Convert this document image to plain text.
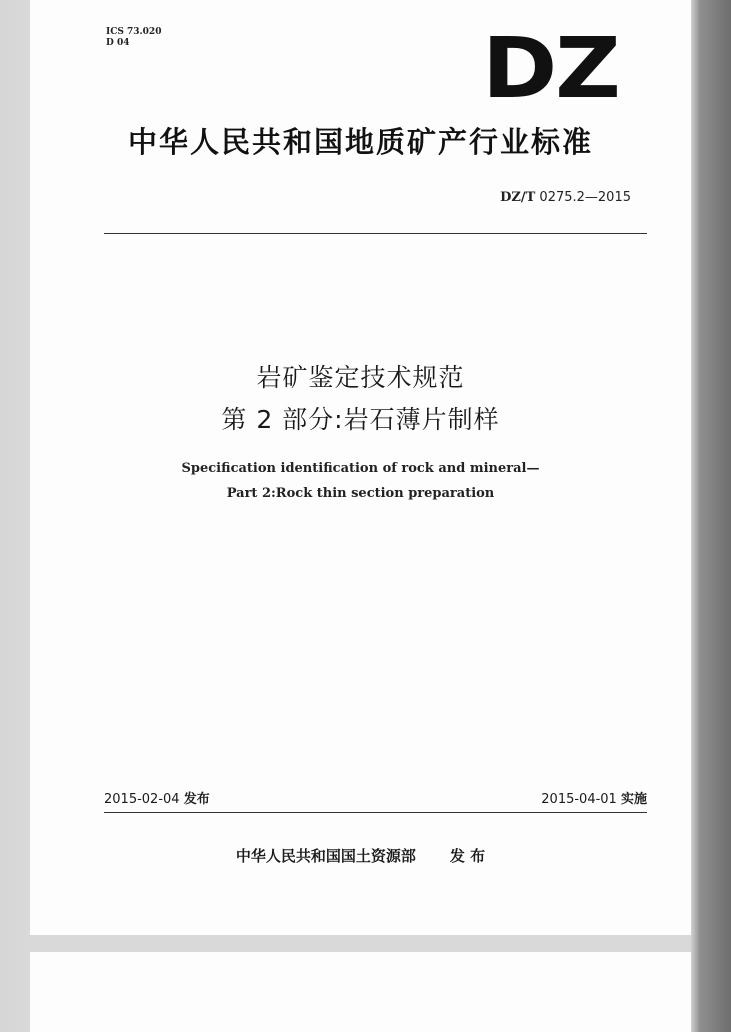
ICS 73.020
D 04	DZ
中华人民共和国地质矿产行业标准
DZ/T 0275.2—2015
岩矿鉴定技术规范
第 2 部分:岩石薄片制样
Specification identification of rock and mineral—
Part 2:Rock thin section preparation
2015-02-04 发布	2015-04-01 实施
中华人民共和国国土资源部 发 布
